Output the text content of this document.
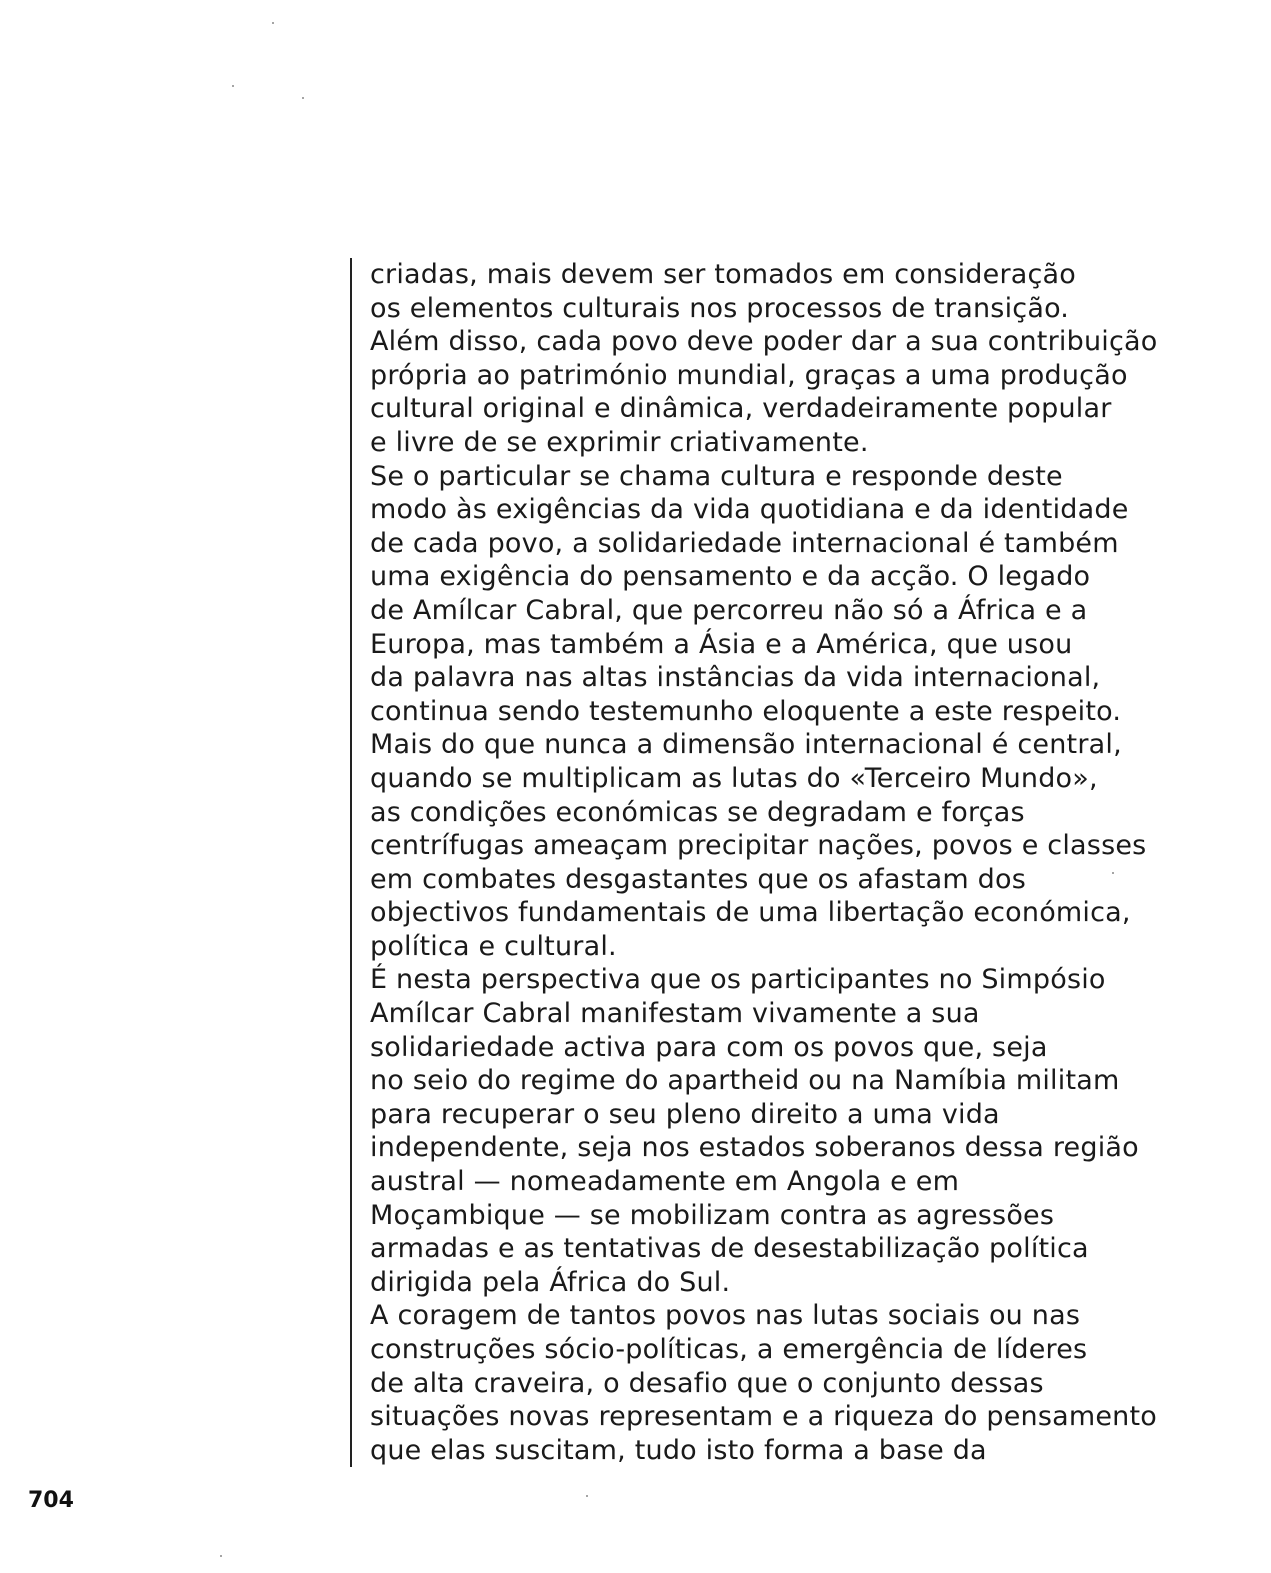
criadas, mais devem ser tomados em consideração
os elementos culturais nos processos de transição.
Além disso, cada povo deve poder dar a sua contribuição
própria ao património mundial, graças a uma produção
cultural original e dinâmica, verdadeiramente popular
e livre de se exprimir criativamente.
Se o particular se chama cultura e responde deste
modo às exigências da vida quotidiana e da identidade
de cada povo, a solidariedade internacional é também
uma exigência do pensamento e da acção. O legado
de Amílcar Cabral, que percorreu não só a África e a
Europa, mas também a Ásia e a América, que usou
da palavra nas altas instâncias da vida internacional,
continua sendo testemunho eloquente a este respeito.
Mais do que nunca a dimensão internacional é central,
quando se multiplicam as lutas do «Terceiro Mundo»,
as condições económicas se degradam e forças
centrífugas ameaçam precipitar nações, povos e classes
em combates desgastantes que os afastam dos
objectivos fundamentais de uma libertação económica,
política e cultural.
É nesta perspectiva que os participantes no Simpósio
Amílcar Cabral manifestam vivamente a sua
solidariedade activa para com os povos que, seja
no seio do regime do apartheid ou na Namíbia militam
para recuperar o seu pleno direito a uma vida
independente, seja nos estados soberanos dessa região
austral — nomeadamente em Angola e em
Moçambique — se mobilizam contra as agressões
armadas e as tentativas de desestabilização política
dirigida pela África do Sul.
A coragem de tantos povos nas lutas sociais ou nas
construções sócio-políticas, a emergência de líderes
de alta craveira, o desafio que o conjunto dessas
situações novas representam e a riqueza do pensamento
que elas suscitam, tudo isto forma a base da
704
